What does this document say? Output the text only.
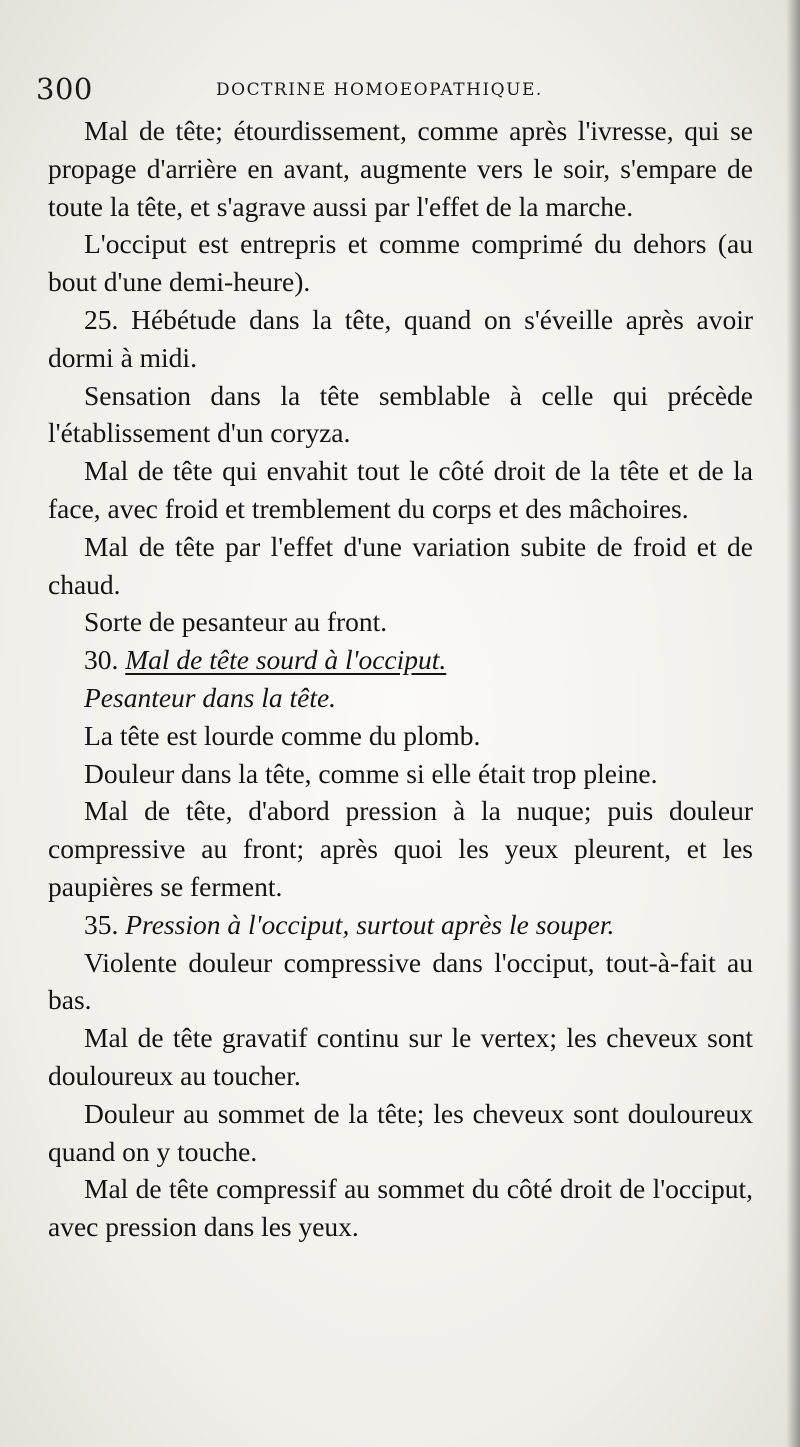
300	DOCTRINE HOMOEOPATHIQUE.

Mal de tête; étourdissement, comme après l'ivresse, qui se propage d'arrière en avant, augmente vers le soir, s'empare de toute la tête, et s'agrave aussi par l'effet de la marche.

L'occiput est entrepris et comme comprimé du dehors (au bout d'une demi-heure).

25. Hébétude dans la tête, quand on s'éveille après avoir dormi à midi.

Sensation dans la tête semblable à celle qui précède l'établissement d'un coryza.

Mal de tête qui envahit tout le côté droit de la tête et de la face, avec froid et tremblement du corps et des mâchoires.

Mal de tête par l'effet d'une variation subite de froid et de chaud.

Sorte de pesanteur au front.

30. Mal de tête sourd à l'occiput.

Pesanteur dans la tête.

La tête est lourde comme du plomb.

Douleur dans la tête, comme si elle était trop pleine.

Mal de tête, d'abord pression à la nuque; puis douleur compressive au front; après quoi les yeux pleurent, et les paupières se ferment.

35. Pression à l'occiput, surtout après le souper.

Violente douleur compressive dans l'occiput, tout-à-fait au bas.

Mal de tête gravatif continu sur le vertex; les cheveux sont douloureux au toucher.

Douleur au sommet de la tête; les cheveux sont douloureux quand on y touche.

Mal de tête compressif au sommet du côté droit de l'occiput, avec pression dans les yeux.
